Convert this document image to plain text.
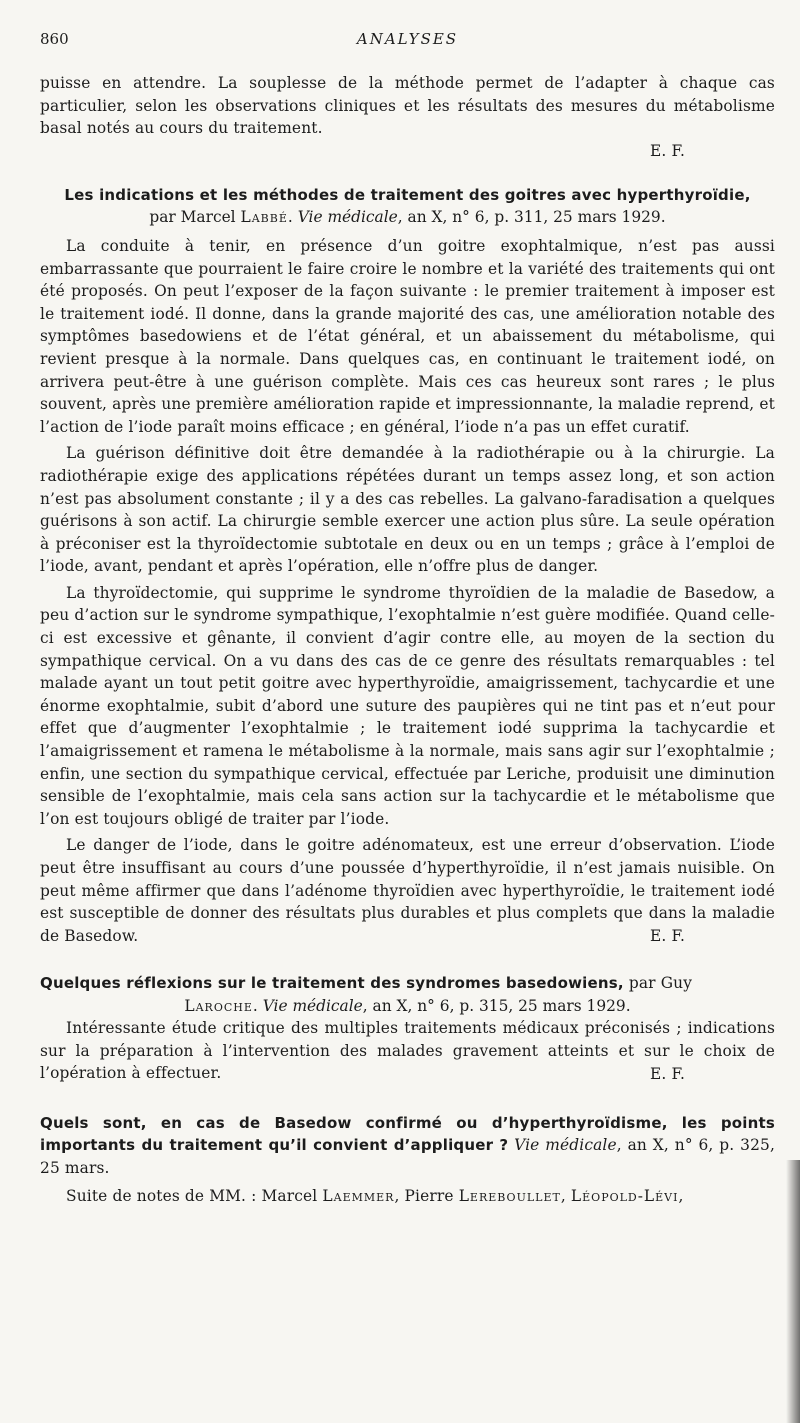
860	ANALYSES

puisse en attendre. La souplesse de la méthode permet de l’adapter à chaque cas particulier, selon les observations cliniques et les résultats des mesures du métabolisme basal notés au cours du traitement.

E. F.

Les indications et les méthodes de traitement des goitres avec hyperthyroïdie,

par Marcel Labbé. Vie médicale, an X, n° 6, p. 311, 25 mars 1929.

La conduite à tenir, en présence d’un goitre exophtalmique, n’est pas aussi embarrassante que pourraient le faire croire le nombre et la variété des traitements qui ont été proposés. On peut l’exposer de la façon suivante : le premier traitement à imposer est le traitement iodé. Il donne, dans la grande majorité des cas, une amélioration notable des symptômes basedowiens et de l’état général, et un abaissement du métabolisme, qui revient presque à la normale. Dans quelques cas, en continuant le traitement iodé, on arrivera peut-être à une guérison complète. Mais ces cas heureux sont rares ; le plus souvent, après une première amélioration rapide et impressionnante, la maladie reprend, et l’action de l’iode paraît moins efficace ; en général, l’iode n’a pas un effet curatif.

La guérison définitive doit être demandée à la radiothérapie ou à la chirurgie. La radiothérapie exige des applications répétées durant un temps assez long, et son action n’est pas absolument constante ; il y a des cas rebelles. La galvano-faradisation a quelques guérisons à son actif. La chirurgie semble exercer une action plus sûre. La seule opération à préconiser est la thyroïdectomie subtotale en deux ou en un temps ; grâce à l’emploi de l’iode, avant, pendant et après l’opération, elle n’offre plus de danger.

La thyroïdectomie, qui supprime le syndrome thyroïdien de la maladie de Basedow, a peu d’action sur le syndrome sympathique, l’exophtalmie n’est guère modifiée. Quand celle-ci est excessive et gênante, il convient d’agir contre elle, au moyen de la section du sympathique cervical. On a vu dans des cas de ce genre des résultats remarquables : tel malade ayant un tout petit goitre avec hyperthyroïdie, amaigrissement, tachycardie et une énorme exophtalmie, subit d’abord une suture des paupières qui ne tint pas et n’eut pour effet que d’augmenter l’exophtalmie ; le traitement iodé supprima la tachycardie et l’amaigrissement et ramena le métabolisme à la normale, mais sans agir sur l’exophtalmie ; enfin, une section du sympathique cervical, effectuée par Leriche, produisit une diminution sensible de l’exophtalmie, mais cela sans action sur la tachycardie et le métabolisme que l’on est toujours obligé de traiter par l’iode.

Le danger de l’iode, dans le goitre adénomateux, est une erreur d’observation. L’iode peut être insuffisant au cours d’une poussée d’hyperthyroïdie, il n’est jamais nuisible. On peut même affirmer que dans l’adénome thyroïdien avec hyperthyroïdie, le traitement iodé est susceptible de donner des résultats plus durables et plus complets que dans la maladie de Basedow.	E. F.

Quelques réflexions sur le traitement des syndromes basedowiens, par Guy

Laroche. Vie médicale, an X, n° 6, p. 315, 25 mars 1929.

Intéressante étude critique des multiples traitements médicaux préconisés ; indications sur la préparation à l’intervention des malades gravement atteints et sur le choix de l’opération à effectuer.	E. F.

Quels sont, en cas de Basedow confirmé ou d’hyperthyroïdisme, les points importants du traitement qu’il convient d’appliquer ? Vie médicale, an X, n° 6, p. 325, 25 mars.

Suite de notes de MM. : Marcel Laemmer, Pierre Lereboullet, Léopold-Lévi,
